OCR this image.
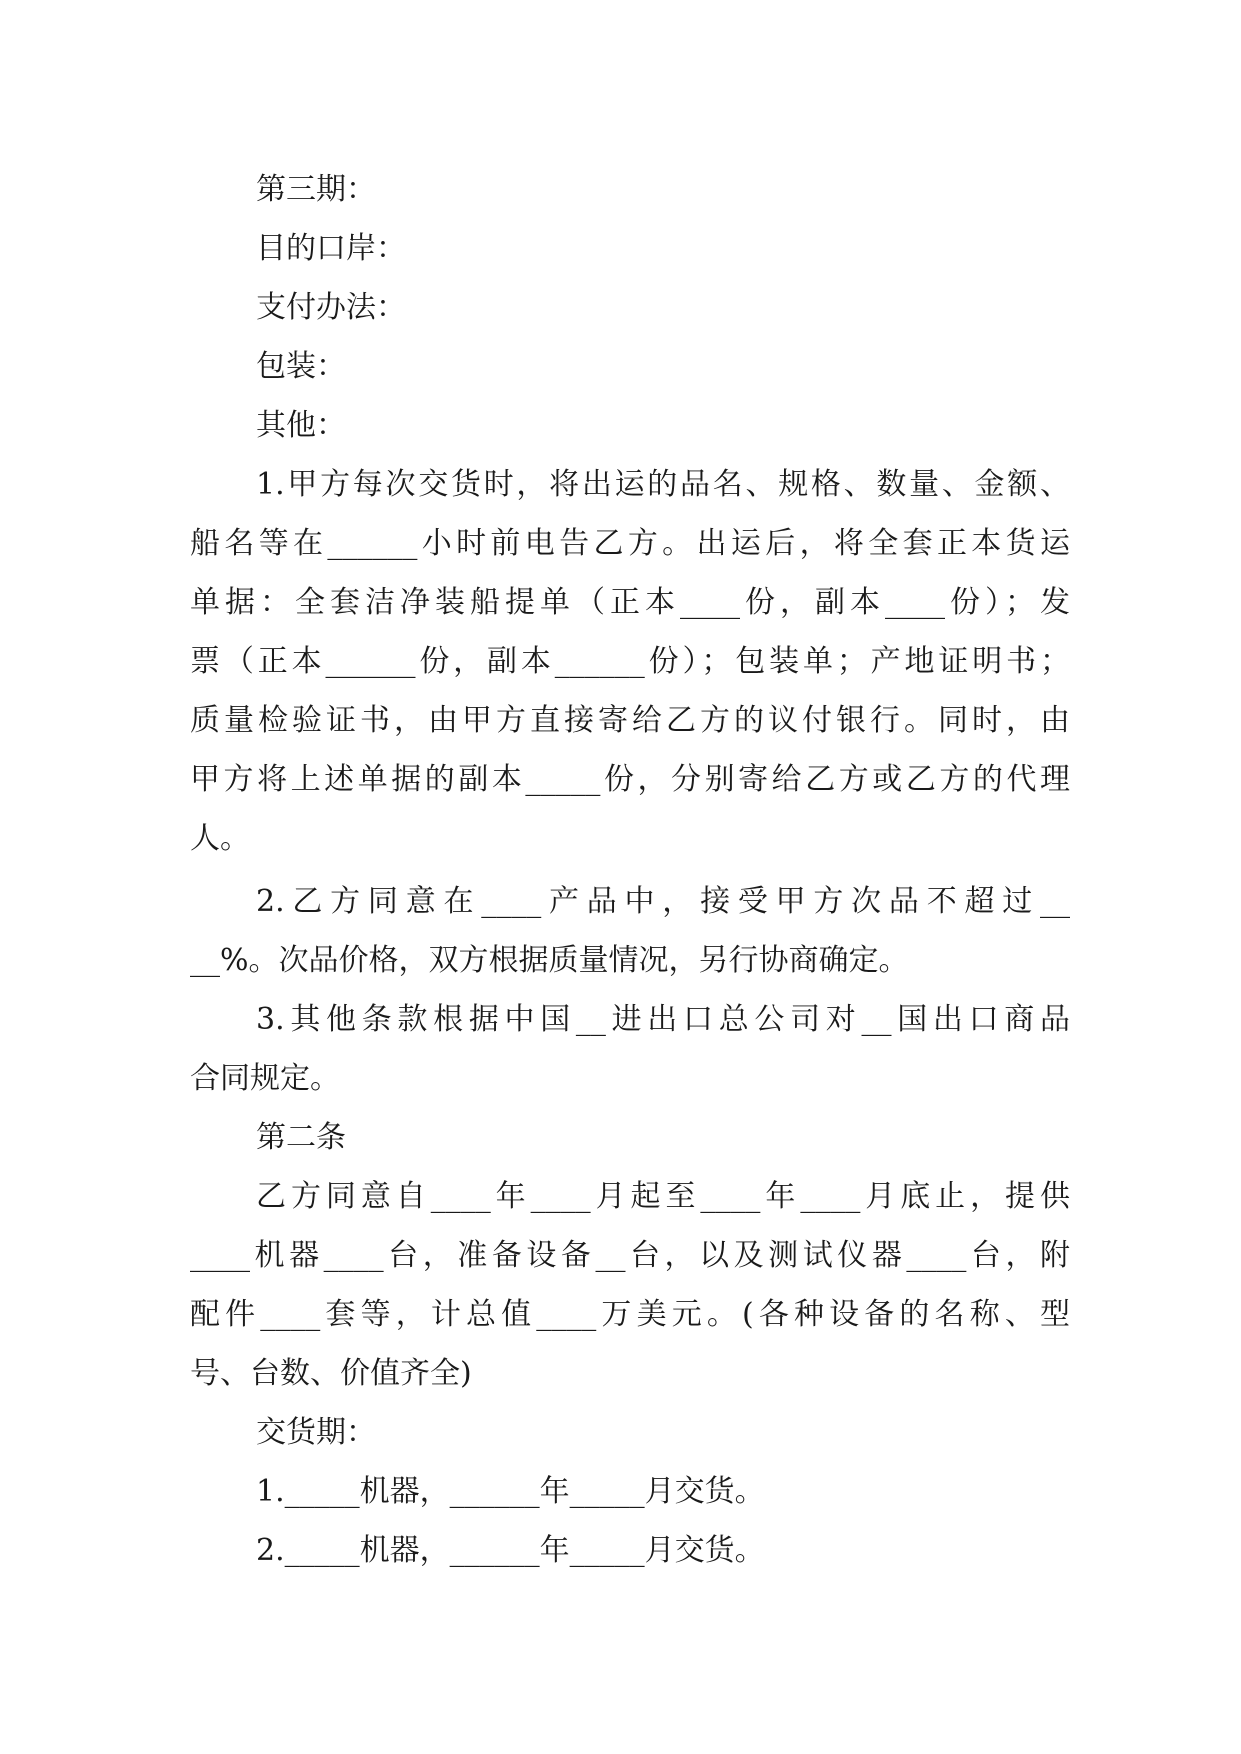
第三期：

目的口岸：

支付办法：

包装：

其他：

1.甲方每次交货时，将出运的品名、规格、数量、金额、

船名等在______小时前电告乙方。出运后，将全套正本货运

单据：全套洁净装船提单（正本____份，副本____份）；发

票（正本______份，副本______份）；包装单；产地证明书；

质量检验证书，由甲方直接寄给乙方的议付银行。同时，由

甲方将上述单据的副本_____份，分别寄给乙方或乙方的代理

人。

2.乙方同意在____产品中，接受甲方次品不超过__

__%。次品价格，双方根据质量情况，另行协商确定。

3.其他条款根据中国__进出口总公司对__国出口商品

合同规定。

第二条

乙方同意自____年____月起至____年____月底止，提供

____机器____台，准备设备__台，以及测试仪器____台，附

配件____套等，计总值____万美元。(各种设备的名称、型

号、台数、价值齐全)

交货期：

1._____机器，______年_____月交货。

2._____机器，______年_____月交货。
